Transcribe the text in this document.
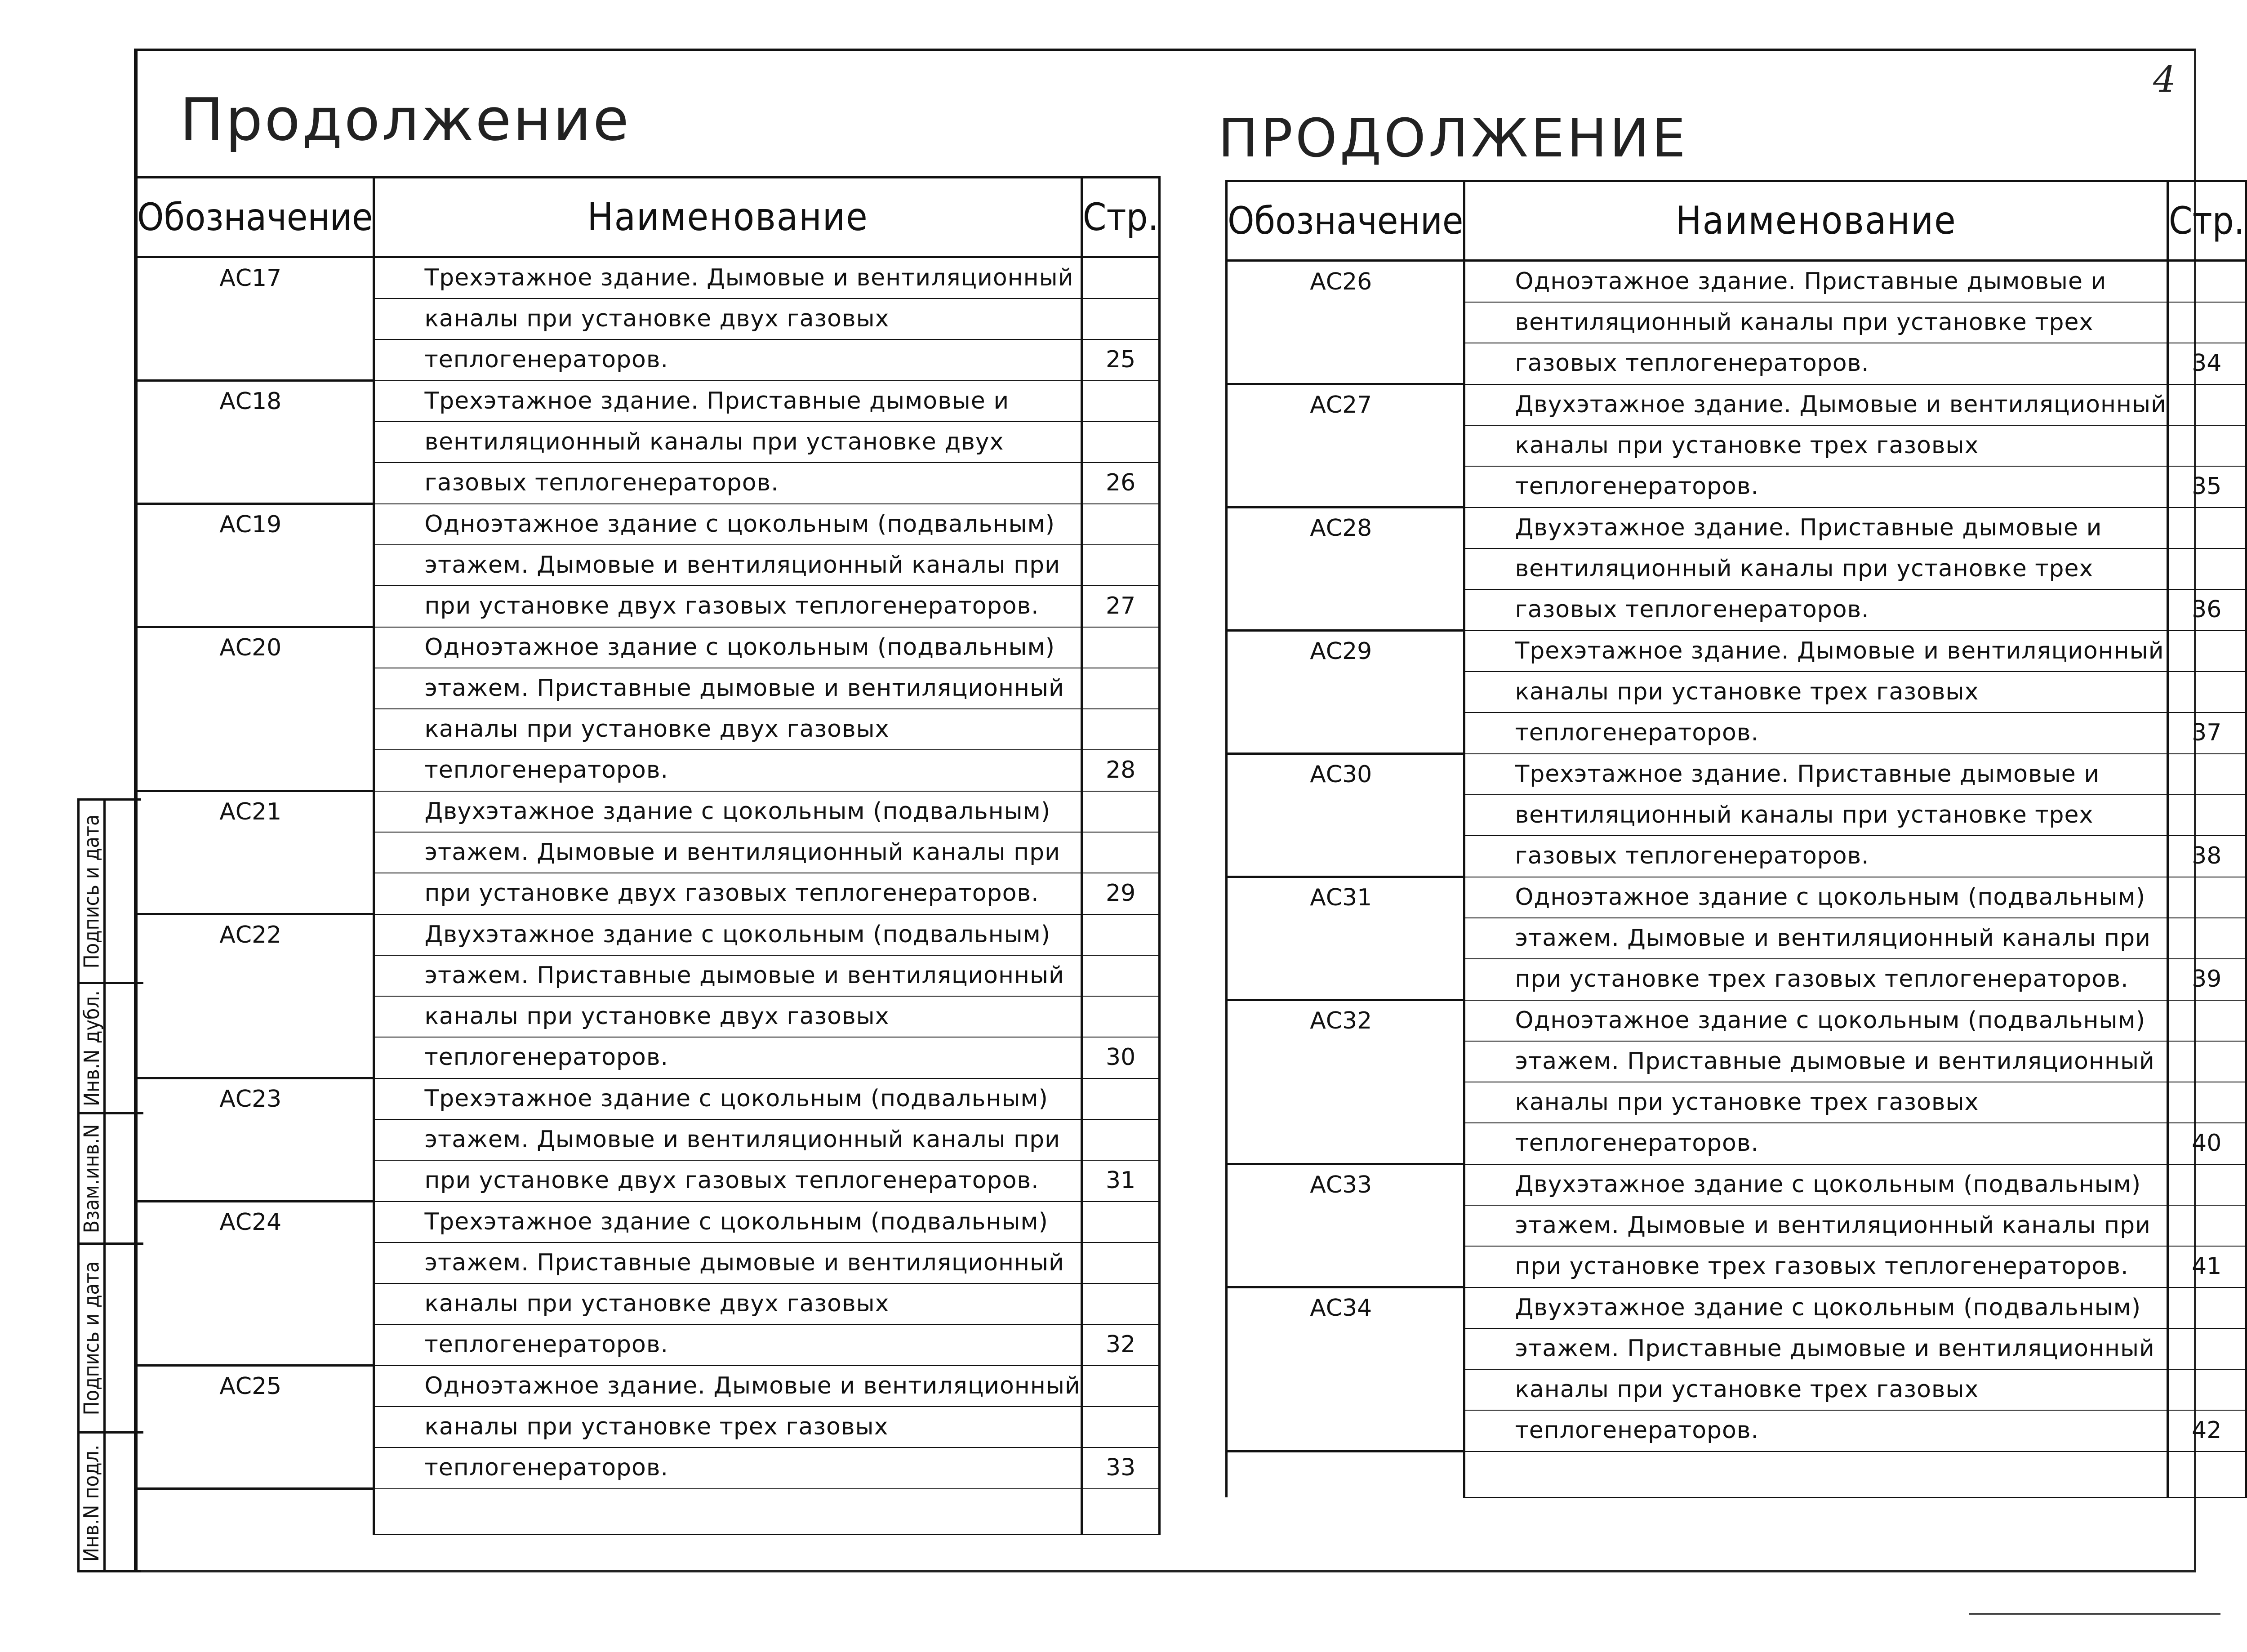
4
Продолжение	ПРОДОЛЖЕНИЕ
Обозначение	Наименование	Стр.
АС17	Трехэтажное здание. Дымовые и вентиляционный	
	каналы при установке двух газовых	
	теплогенераторов.	25
АС18	Трехэтажное здание. Приставные дымовые и	
	вентиляционный каналы при установке двух	
	газовых теплогенераторов.	26
АС19	Одноэтажное здание с цокольным (подвальным)	
	этажем. Дымовые и вентиляционный каналы при	
	при установке двух газовых теплогенераторов.	27
АС20	Одноэтажное здание с цокольным (подвальным)	
	этажем. Приставные дымовые и вентиляционный	
	каналы при установке двух газовых	
	теплогенераторов.	28
АС21	Двухэтажное здание с цокольным (подвальным)	
	этажем. Дымовые и вентиляционный каналы при	
	при установке двух газовых теплогенераторов.	29
АС22	Двухэтажное здание с цокольным (подвальным)	
	этажем. Приставные дымовые и вентиляционный	
	каналы при установке двух газовых	
	теплогенераторов.	30
АС23	Трехэтажное здание с цокольным (подвальным)	
	этажем. Дымовые и вентиляционный каналы при	
	при установке двух газовых теплогенераторов.	31
АС24	Трехэтажное здание с цокольным (подвальным)	
	этажем. Приставные дымовые и вентиляционный	
	каналы при установке двух газовых	
	теплогенераторов.	32
АС25	Одноэтажное здание. Дымовые и вентиляционный	
	каналы при установке трех газовых	
	теплогенераторов.	33

Обозначение	Наименование	Стр.
АС26	Одноэтажное здание. Приставные дымовые и	
	вентиляционный каналы при установке трех	
	газовых теплогенераторов.	34
АС27	Двухэтажное здание. Дымовые и вентиляционный	
	каналы при установке трех газовых	
	теплогенераторов.	35
АС28	Двухэтажное здание. Приставные дымовые и	
	вентиляционный каналы при установке трех	
	газовых теплогенераторов.	36
АС29	Трехэтажное здание. Дымовые и вентиляционный	
	каналы при установке трех газовых	
	теплогенераторов.	37
АС30	Трехэтажное здание. Приставные дымовые и	
	вентиляционный каналы при установке трех	
	газовых теплогенераторов.	38
АС31	Одноэтажное здание с цокольным (подвальным)	
	этажем. Дымовые и вентиляционный каналы при	
	при установке трех газовых теплогенераторов.	39
АС32	Одноэтажное здание с цокольным (подвальным)	
	этажем. Приставные дымовые и вентиляционный	
	каналы при установке трех газовых	
	теплогенераторов.	40
АС33	Двухэтажное здание с цокольным (подвальным)	
	этажем. Дымовые и вентиляционный каналы при	
	при установке трех газовых теплогенераторов.	41
АС34	Двухэтажное здание с цокольным (подвальным)	
	этажем. Приставные дымовые и вентиляционный	
	каналы при установке трех газовых	
	теплогенераторов.	42

Подпись и дата
Инв.N дубл.
Взам.инв.N
Подпись и дата
Инв.N подл.
